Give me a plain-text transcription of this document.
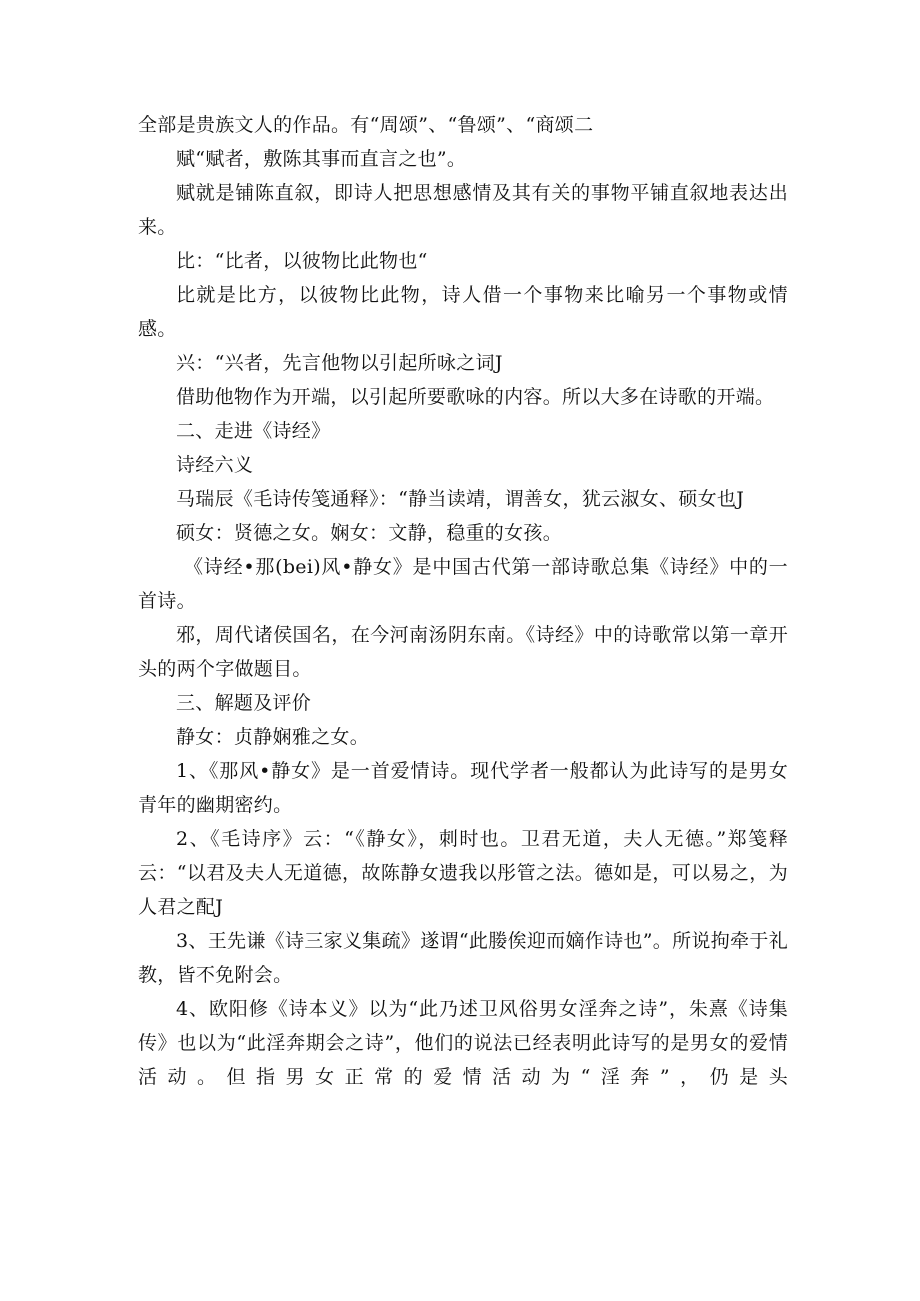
全部是贵族文人的作品。有“周颂”、“鲁颂”、“商颂二

赋“赋者，敷陈其事而直言之也”。

赋就是铺陈直叙，即诗人把思想感情及其有关的事物平铺直叙地表达出来。

比：“比者，以彼物比此物也“

比就是比方，以彼物比此物，诗人借一个事物来比喻另一个事物或情感。

兴：“兴者，先言他物以引起所咏之词J

借助他物作为开端，以引起所要歌咏的内容。所以大多在诗歌的开端。

二、走进《诗经》

诗经六义

马瑞辰《毛诗传笺通释》：“静当读靖，谓善女，犹云淑女、硕女也J

硕女：贤德之女。娴女：文静，稳重的女孩。

《诗经•那(bei)风•静女》是中国古代第一部诗歌总集《诗经》中的一首诗。

邪，周代诸侯国名，在今河南汤阴东南。《诗经》中的诗歌常以第一章开头的两个字做题目。

三、解题及评价

静女：贞静娴雅之女。

1、《那风•静女》是一首爱情诗。现代学者一般都认为此诗写的是男女青年的幽期密约。

2、《毛诗序》云：“《静女》，刺时也。卫君无道，夫人无德。”郑笺释云：“以君及夫人无道德，故陈静女遗我以彤管之法。德如是，可以易之，为人君之配J

3、王先谦《诗三家义集疏》遂谓“此媵俟迎而嫡作诗也”。所说拘牵于礼教，皆不免附会。

4、欧阳修《诗本义》以为“此乃述卫风俗男女淫奔之诗”，朱熹《诗集传》也以为“此淫奔期会之诗”，他们的说法已经表明此诗写的是男女的爱情活动。但指男女正常的爱情活动为“淫奔”，仍是头
